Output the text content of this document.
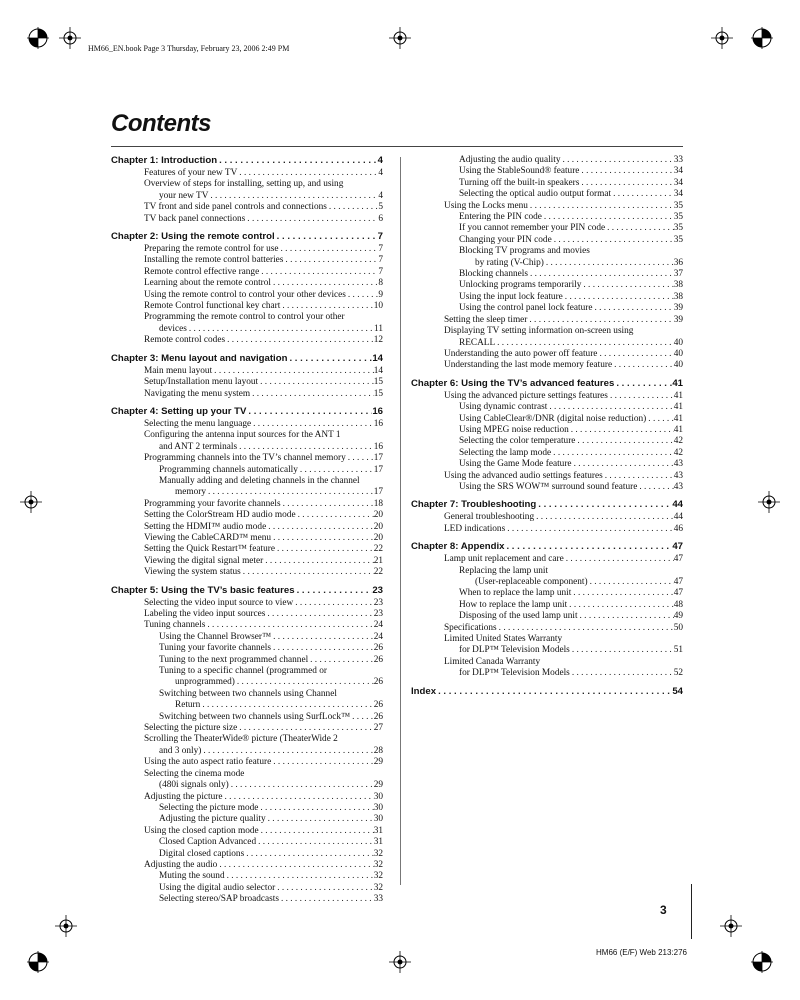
HM66_EN.book Page 3 Thursday, February 23, 2006 2:49 PM
Contents
Chapter 1: Introduction . .	4
Features of your new TV . . .	4
Overview of steps for installing, setting up, and using
your new TV . . .	4
TV front and side panel controls and connections . . .	5
TV back panel connections . . .	6
Chapter 2: Using the remote control . .	7
Preparing the remote control for use . . .	7
Installing the remote control batteries . . .	7
Remote control effective range . . .	7
Learning about the remote control . . .	8
Using the remote control to control your other devices . . .	9
Remote Control functional key chart . . .	10
Programming the remote control to control your other
devices . . .	11
Remote control codes . . .	12
Chapter 3: Menu layout and navigation . .	14
Main menu layout . . .	14
Setup/Installation menu layout . . .	15
Navigating the menu system . . .	15
Chapter 4: Setting up your TV . .	16
Selecting the menu language . . .	16
Configuring the antenna input sources for the ANT 1
and ANT 2 terminals . . .	16
Programming channels into the TV’s channel memory . . .	17
Programming channels automatically . . .	17
Manually adding and deleting channels in the channel
memory . . .	17
Programming your favorite channels . . .	18
Setting the ColorStream HD audio mode . . .	20
Setting the HDMI™ audio mode . . .	20
Viewing the CableCARD™ menu . . .	20
Setting the Quick Restart™ feature . . .	22
Viewing the digital signal meter . . .	21
Viewing the system status . . .	22
Chapter 5: Using the TV’s basic features . .	23
Selecting the video input source to view . . .	23
Labeling the video input sources . . .	23
Tuning channels . . .	24
Using the Channel Browser™ . . .	24
Tuning your favorite channels . . .	26
Tuning to the next programmed channel . . .	26
Tuning to a specific channel (programmed or
unprogrammed) . . .	26
Switching between two channels using Channel
Return . . .	26
Switching between two channels using SurfLock™ . . .	26
Selecting the picture size . . .	27
Scrolling the TheaterWide® picture (TheaterWide 2
and 3 only) . . .	28
Using the auto aspect ratio feature . . .	29
Selecting the cinema mode
(480i signals only) . . .	29
Adjusting the picture . . .	30
Selecting the picture mode . . .	30
Adjusting the picture quality . . .	30
Using the closed caption mode . . .	31
Closed Caption Advanced . . .	31
Digital closed captions . . .	32
Adjusting the audio . . .	32
Muting the sound . . .	32
Using the digital audio selector . . .	32
Selecting stereo/SAP broadcasts . . .	33
Adjusting the audio quality . . .	33
Using the StableSound® feature . . .	34
Turning off the built-in speakers . . .	34
Selecting the optical audio output format . . .	34
Using the Locks menu . . .	35
Entering the PIN code . . .	35
If you cannot remember your PIN code . . .	35
Changing your PIN code . . .	35
Blocking TV programs and movies
by rating (V-Chip) . . .	36
Blocking channels . . .	37
Unlocking programs temporarily . . .	38
Using the input lock feature . . .	38
Using the control panel lock feature . . .	39
Setting the sleep timer . . .	39
Displaying TV setting information on-screen using
RECALL . . .	40
Understanding the auto power off feature . . .	40
Understanding the last mode memory feature . . .	40
Chapter 6: Using the TV’s advanced features . .	41
Using the advanced picture settings features . . .	41
Using dynamic contrast . . .	41
Using CableClear®/DNR (digital noise reduction) . . .	41
Using MPEG noise reduction . . .	41
Selecting the color temperature . . .	42
Selecting the lamp mode . . .	42
Using the Game Mode feature . . .	43
Using the advanced audio settings features . . .	43
Using the SRS WOW™ surround sound feature . . .	43
Chapter 7: Troubleshooting . .	44
General troubleshooting . . .	44
LED indications . . .	46
Chapter 8: Appendix . .	47
Lamp unit replacement and care . . .	47
Replacing the lamp unit
(User-replaceable component) . . .	47
When to replace the lamp unit . . .	47
How to replace the lamp unit . . .	48
Disposing of the used lamp unit . . .	49
Specifications . . .	50
Limited United States Warranty
for DLP™ Television Models . . .	51
Limited Canada Warranty
for DLP™ Television Models . . .	52
Index . .	54
3
HM66 (E/F) Web 213:276
